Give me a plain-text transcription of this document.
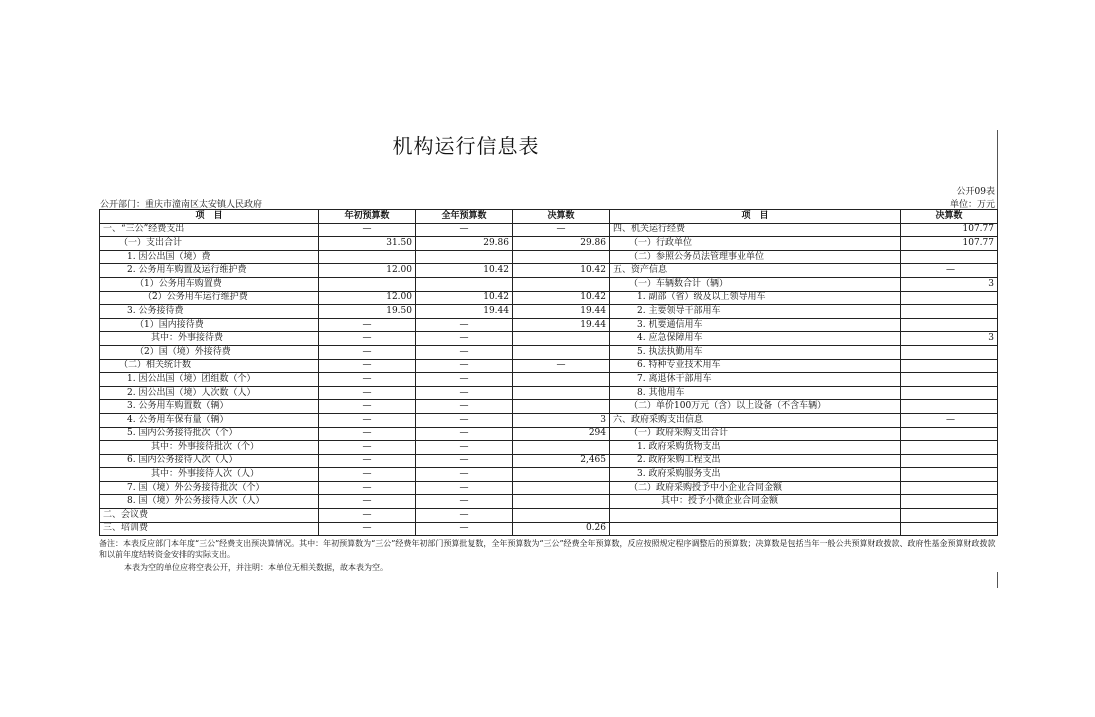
机构运行信息表
公开09表
公开部门：重庆市潼南区太安镇人民政府	单位：万元
项　目	年初预算数	全年预算数	决算数	项　目	决算数
一、“三公”经费支出	—	—	—	四、机关运行经费	107.77
（一）支出合计	31.50	29.86	29.86	（一）行政单位	107.77
1. 因公出国（境）费				（二）参照公务员法管理事业单位	
2. 公务用车购置及运行维护费	12.00	10.42	10.42	五、资产信息	—
（1）公务用车购置费				（一）车辆数合计（辆）	3
（2）公务用车运行维护费	12.00	10.42	10.42	1. 副部（省）级及以上领导用车	
3. 公务接待费	19.50	19.44	19.44	2. 主要领导干部用车	
（1）国内接待费	—	—	19.44	3. 机要通信用车	
其中：外事接待费	—	—		4. 应急保障用车	3
（2）国（境）外接待费	—	—		5. 执法执勤用车	
（二）相关统计数	—	—	—	6. 特种专业技术用车	
1. 因公出国（境）团组数（个）	—	—		7. 离退休干部用车	
2. 因公出国（境）人次数（人）	—	—		8. 其他用车	
3. 公务用车购置数（辆）	—	—		（二）单价100万元（含）以上设备（不含车辆）	
4. 公务用车保有量（辆）	—	—	3	六、政府采购支出信息	—
5. 国内公务接待批次（个）	—	—	294	（一）政府采购支出合计	
其中：外事接待批次（个）	—	—		1. 政府采购货物支出	
6. 国内公务接待人次（人）	—	—	2,465	2. 政府采购工程支出	
其中：外事接待人次（人）	—	—		3. 政府采购服务支出	
7. 国（境）外公务接待批次（个）	—	—		（二）政府采购授予中小企业合同金额	
8. 国（境）外公务接待人次（人）	—	—		其中：授予小微企业合同金额	
二、会议费	—	—			
三、培训费	—	—	0.26		
备注：本表反应部门本年度“三公”经费支出预决算情况。其中：年初预算数为“三公”经费年初部门预算批复数，全年预算数为“三公”经费全年预算数，反应按照规定程序调整后的预算数；决算数是包括当年一般公共预算财政拨款、政府性基金预算财政拨款和以前年度结转资金安排的实际支出。
本表为空的单位应将空表公开，并注明：本单位无相关数据，故本表为空。
